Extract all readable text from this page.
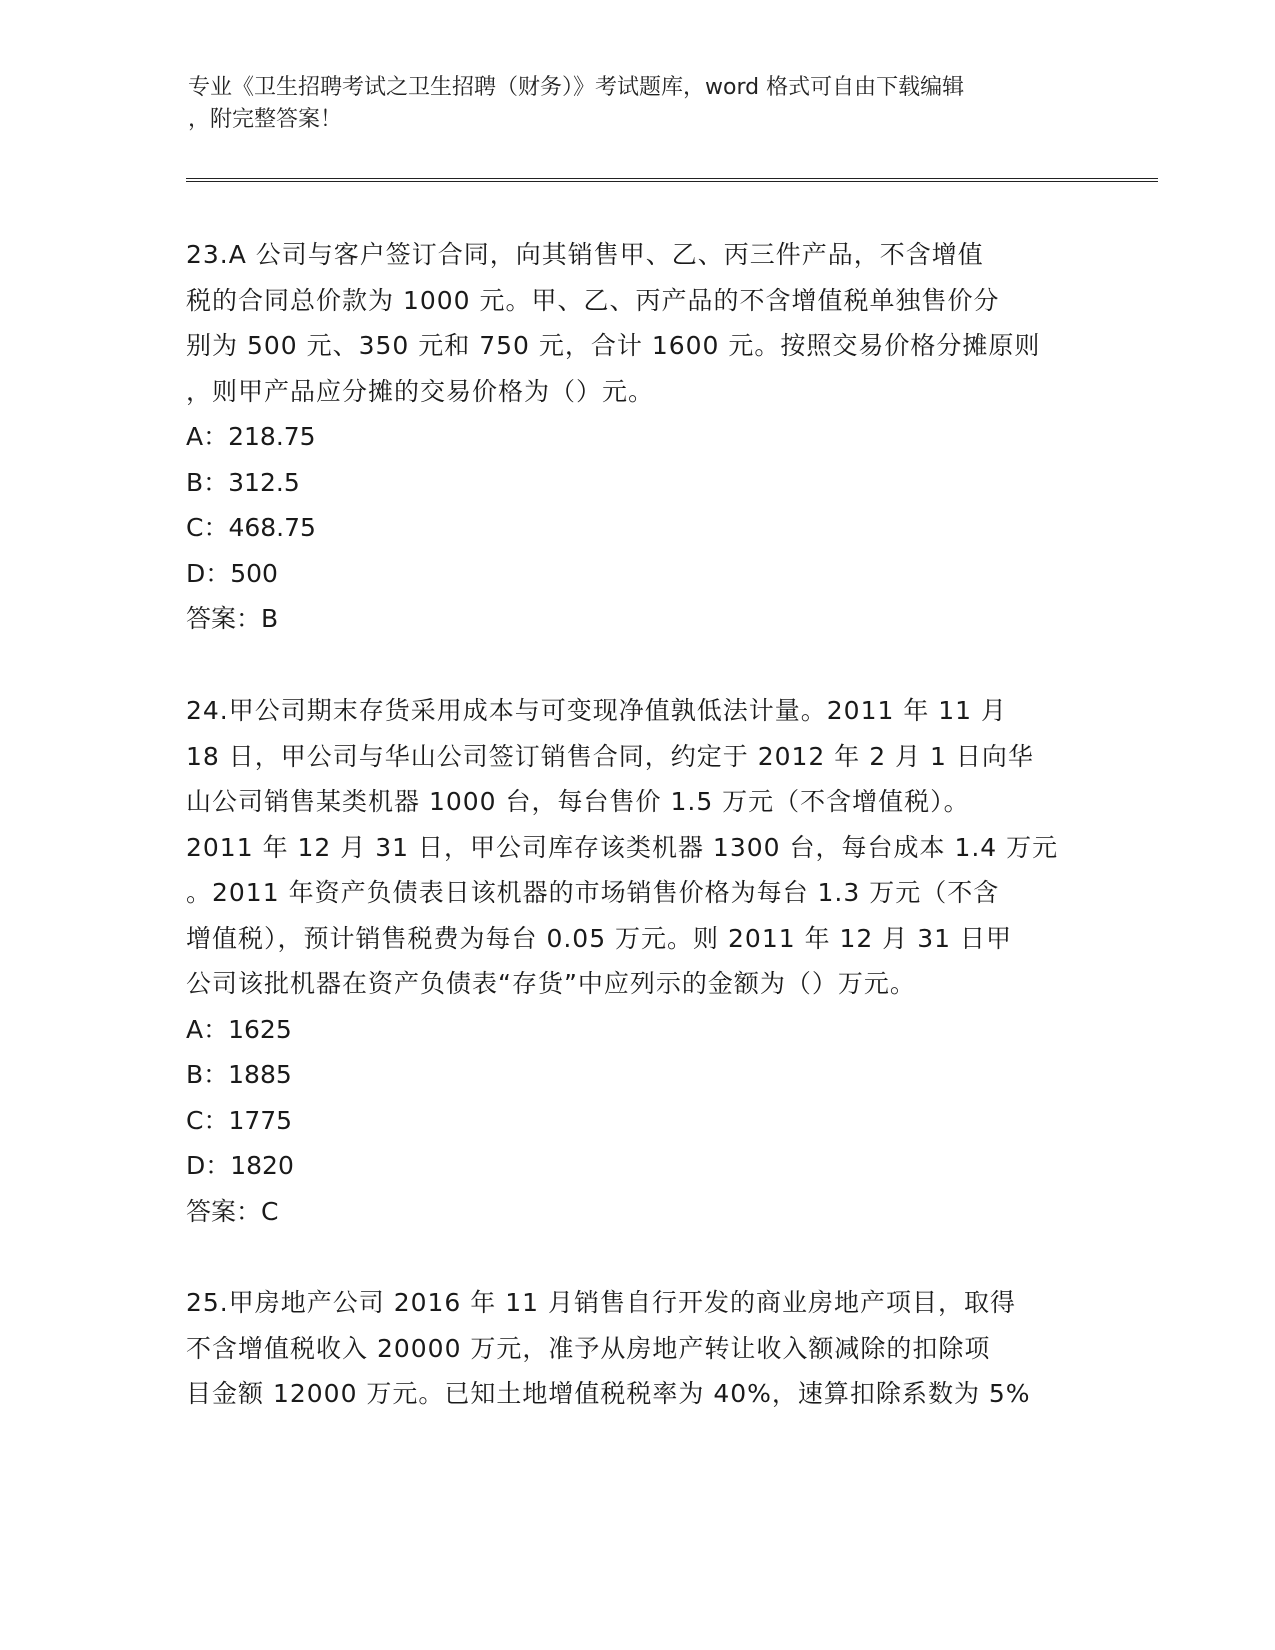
专业《卫生招聘考试之卫生招聘（财务）》考试题库，word 格式可自由下载编辑
，附完整答案！
23.A 公司与客户签订合同，向其销售甲、乙、丙三件产品，不含增值
税的合同总价款为 1000 元。甲、乙、丙产品的不含增值税单独售价分
别为 500 元、350 元和 750 元，合计 1600 元。按照交易价格分摊原则
，则甲产品应分摊的交易价格为（）元。
A：218.75
B：312.5
C：468.75
D：500
答案：B
24.甲公司期末存货采用成本与可变现净值孰低法计量。2011 年 11 月
18 日，甲公司与华山公司签订销售合同，约定于 2012 年 2 月 1 日向华
山公司销售某类机器 1000 台，每台售价 1.5 万元（不含增值税）。
2011 年 12 月 31 日，甲公司库存该类机器 1300 台，每台成本 1.4 万元
。2011 年资产负债表日该机器的市场销售价格为每台 1.3 万元（不含
增值税），预计销售税费为每台 0.05 万元。则 2011 年 12 月 31 日甲
公司该批机器在资产负债表“存货”中应列示的金额为（）万元。
A：1625
B：1885
C：1775
D：1820
答案：C
25.甲房地产公司 2016 年 11 月销售自行开发的商业房地产项目，取得
不含增值税收入 20000 万元，准予从房地产转让收入额减除的扣除项
目金额 12000 万元。已知土地增值税税率为 40%，速算扣除系数为 5%
